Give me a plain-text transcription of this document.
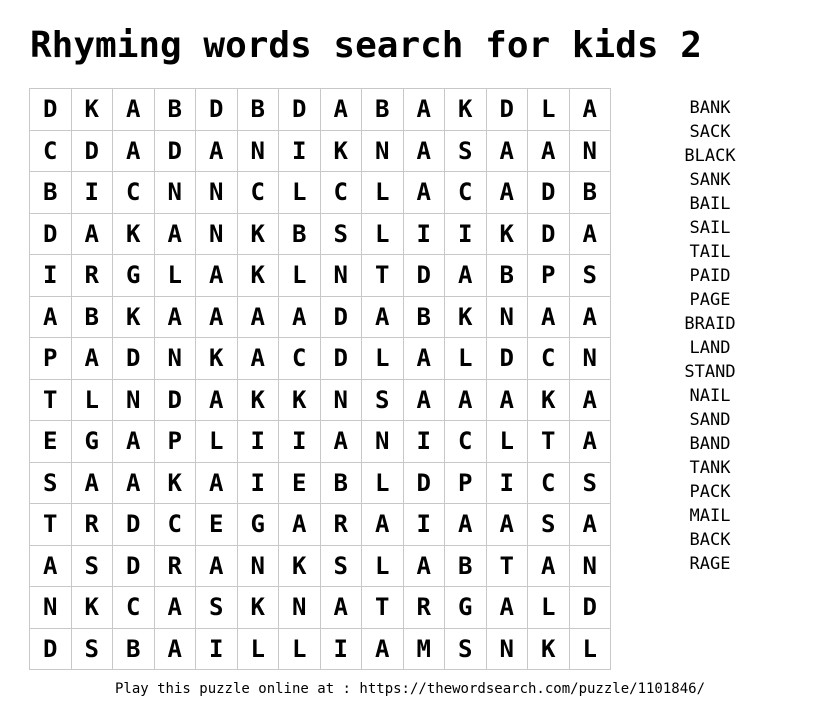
Rhyming words search for kids 2
D	K	A	B	D	B	D	A	B	A	K	D	L	A
C	D	A	D	A	N	I	K	N	A	S	A	A	N
B	I	C	N	N	C	L	C	L	A	C	A	D	B
D	A	K	A	N	K	B	S	L	I	I	K	D	A
I	R	G	L	A	K	L	N	T	D	A	B	P	S
A	B	K	A	A	A	A	D	A	B	K	N	A	A
P	A	D	N	K	A	C	D	L	A	L	D	C	N
T	L	N	D	A	K	K	N	S	A	A	A	K	A
E	G	A	P	L	I	I	A	N	I	C	L	T	A
S	A	A	K	A	I	E	B	L	D	P	I	C	S
T	R	D	C	E	G	A	R	A	I	A	A	S	A
A	S	D	R	A	N	K	S	L	A	B	T	A	N
N	K	C	A	S	K	N	A	T	R	G	A	L	D
D	S	B	A	I	L	L	I	A	M	S	N	K	L
BANK
SACK
BLACK
SANK
BAIL
SAIL
TAIL
PAID
PAGE
BRAID
LAND
STAND
NAIL
SAND
BAND
TANK
PACK
MAIL
BACK
RAGE
Play this puzzle online at : https://thewordsearch.com/puzzle/1101846/
